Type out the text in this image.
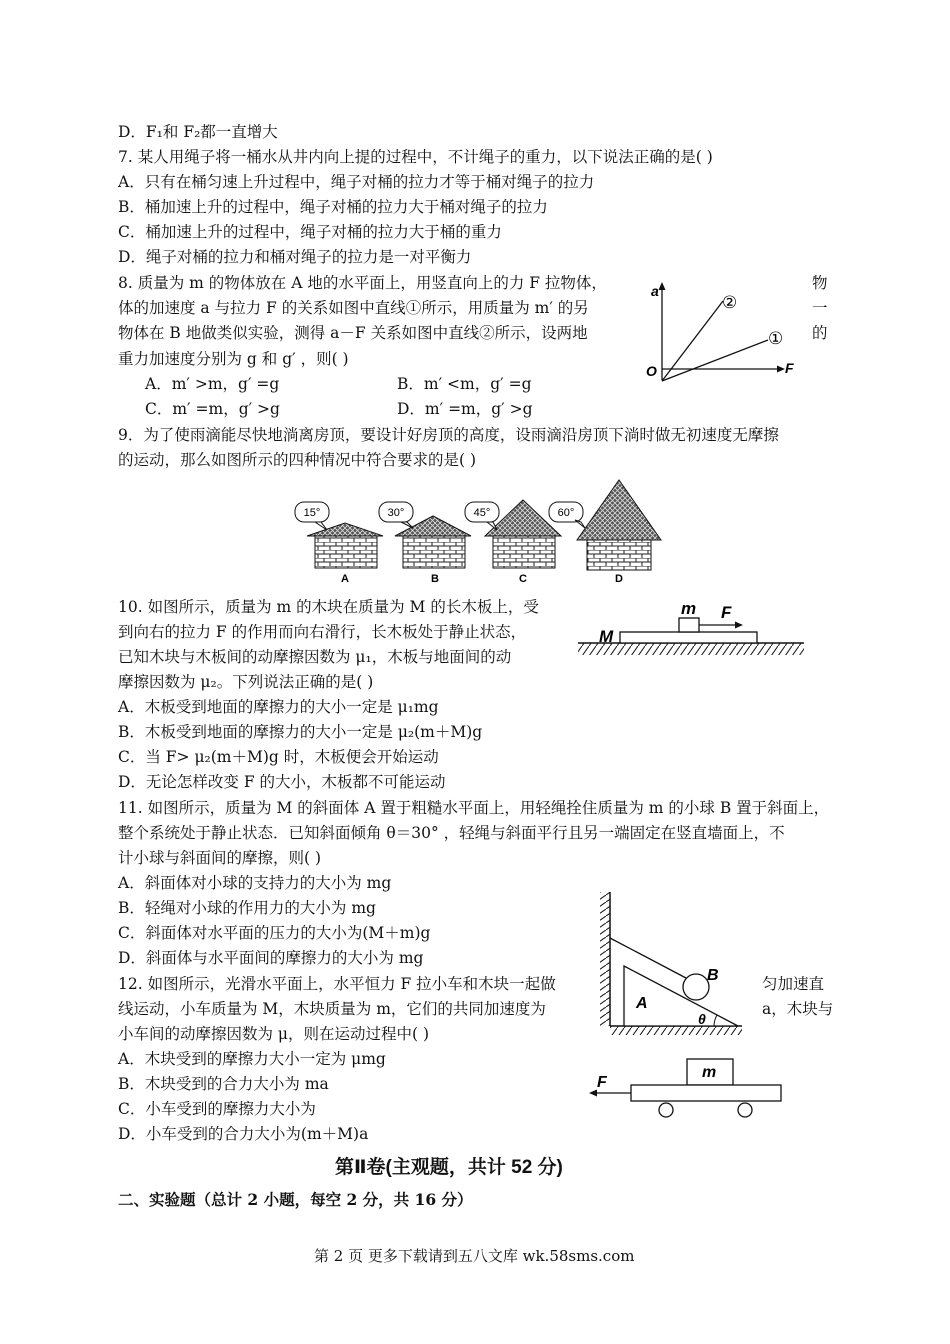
D．F₁和 F₂都一直增大
7. 某人用绳子将一桶水从井内向上提的过程中，不计绳子的重力，以下说法正确的是( )
A．只有在桶匀速上升过程中，绳子对桶的拉力才等于桶对绳子的拉力
B．桶加速上升的过程中，绳子对桶的拉力大于桶对绳子的拉力
C．桶加速上升的过程中，绳子对桶的拉力大于桶的重力
D．绳子对桶的拉力和桶对绳子的拉力是一对平衡力
8. 质量为 m 的物体放在 A 地的水平面上，用竖直向上的力 F 拉物体，
体的加速度 a 与拉力 F 的关系如图中直线①所示，用质量为 m′ 的另
物体在 B 地做类似实验，测得 a－F 关系如图中直线②所示，设两地
重力加速度分别为 g 和 g′ ，则( )
物
一
的
A．m′ >m，g′ =g	B．m′ <m，g′ =g
C．m′ =m，g′ >g	D．m′ =m，g′ >g
a
F
O
②
①
9．为了使雨滴能尽快地淌离房顶，要设计好房顶的高度，设雨滴沿房顶下淌时做无初速度无摩擦
的运动，那么如图所示的四种情况中符合要求的是( )
15°
A
30°
B
45°
C
60°
D
10. 如图所示，质量为 m 的木块在质量为 M 的长木板上，受
到向右的拉力 F 的作用而向右滑行，长木板处于静止状态，
已知木块与木板间的动摩擦因数为 μ₁，木板与地面间的动
摩擦因数为 μ₂。下列说法正确的是( )
A．木板受到地面的摩擦力的大小一定是 μ₁mg
B．木板受到地面的摩擦力的大小一定是 μ₂(m＋M)g
C．当 F> μ₂(m＋M)g 时，木板便会开始运动
D．无论怎样改变 F 的大小，木板都不可能运动
m F
M
11. 如图所示，质量为 M 的斜面体 A 置于粗糙水平面上，用轻绳拴住质量为 m 的小球 B 置于斜面上，
整个系统处于静止状态．已知斜面倾角 θ＝30° ，轻绳与斜面平行且另一端固定在竖直墙面上，不
计小球与斜面间的摩擦，则( )
A．斜面体对小球的支持力的大小为 mg
B．轻绳对小球的作用力的大小为 mg
C．斜面体对水平面的压力的大小为(M＋m)g
D．斜面体与水平面间的摩擦力的大小为 mg
A
B
θ
12. 如图所示，光滑水平面上，水平恒力 F 拉小车和木块一起做
线运动，小车质量为 M，木块质量为 m，它们的共同加速度为
小车间的动摩擦因数为 μ，则在运动过程中( )
匀加速直
a，木块与
A．木块受到的摩擦力大小一定为 μmg
B．木块受到的合力大小为 ma
C．小车受到的摩擦力大小为
D．小车受到的合力大小为(m＋M)a
F
m
第Ⅱ卷(主观题，共计 52 分)
二、实验题（总计 2 小题，每空 2 分，共 16 分）
第 2 页 更多下载请到五八文库 wk.58sms.com
